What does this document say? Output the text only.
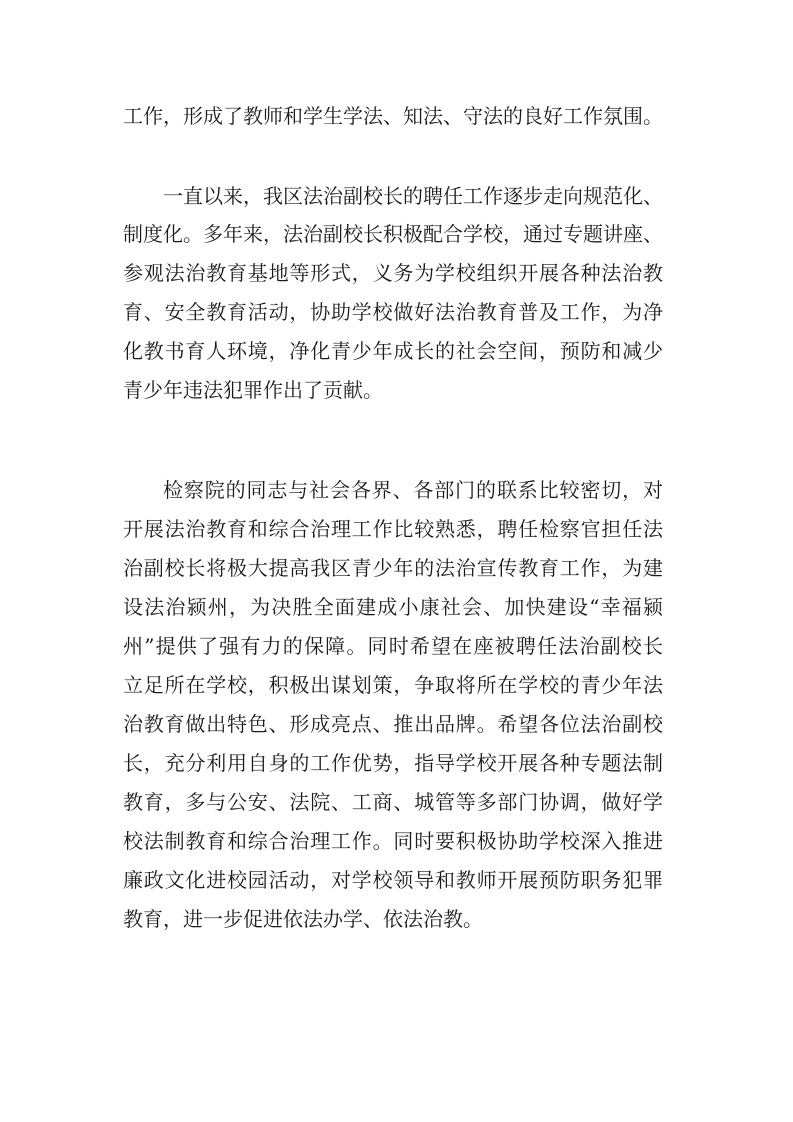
工作，形成了教师和学生学法、知法、守法的良好工作氛围。

一直以来，我区法治副校长的聘任工作逐步走向规范化、

制度化。多年来，法治副校长积极配合学校，通过专题讲座、

参观法治教育基地等形式，义务为学校组织开展各种法治教

育、安全教育活动，协助学校做好法治教育普及工作，为净

化教书育人环境，净化青少年成长的社会空间，预防和减少

青少年违法犯罪作出了贡献。

检察院的同志与社会各界、各部门的联系比较密切，对

开展法治教育和综合治理工作比较熟悉，聘任检察官担任法

治副校长将极大提高我区青少年的法治宣传教育工作，为建

设法治颍州，为决胜全面建成小康社会、加快建设“幸福颍

州”提供了强有力的保障。同时希望在座被聘任法治副校长

立足所在学校，积极出谋划策，争取将所在学校的青少年法

治教育做出特色、形成亮点、推出品牌。希望各位法治副校

长，充分利用自身的工作优势，指导学校开展各种专题法制

教育，多与公安、法院、工商、城管等多部门协调，做好学

校法制教育和综合治理工作。同时要积极协助学校深入推进

廉政文化进校园活动，对学校领导和教师开展预防职务犯罪

教育，进一步促进依法办学、依法治教。
